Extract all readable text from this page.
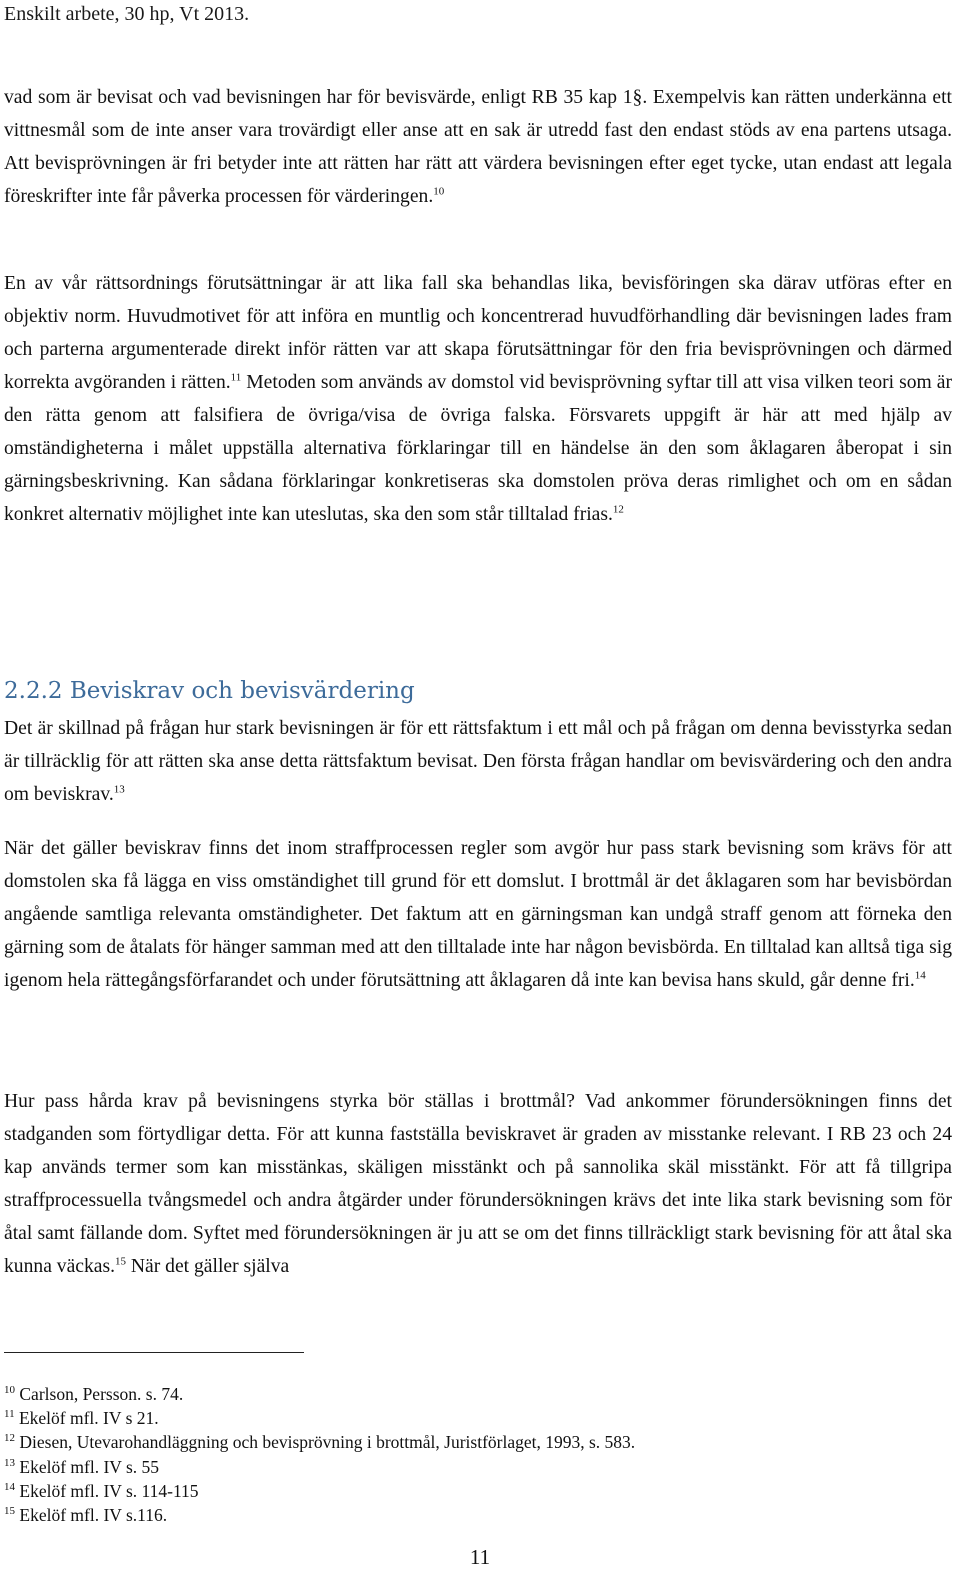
Enskilt arbete, 30 hp, Vt 2013.

vad som är bevisat och vad bevisningen har för bevisvärde, enligt RB 35 kap 1§. Exempelvis kan rätten underkänna ett vittnesmål som de inte anser vara trovärdigt eller anse att en sak är utredd fast den endast stöds av ena partens utsaga. Att bevisprövningen är fri betyder inte att rätten har rätt att värdera bevisningen efter eget tycke, utan endast att legala föreskrifter inte får påverka processen för värderingen.$^{10}$

En av vår rättsordnings förutsättningar är att lika fall ska behandlas lika, bevisföringen ska därav utföras efter en objektiv norm. Huvudmotivet för att införa en muntlig och koncentrerad huvudförhandling där bevisningen lades fram och parterna argumenterade direkt inför rätten var att skapa förutsättningar för den fria bevisprövningen och därmed korrekta avgöranden i rätten.$^{11}$ Metoden som används av domstol vid bevisprövning syftar till att visa vilken teori som är den rätta genom att falsifiera de övriga/visa de övriga falska. Försvarets uppgift är här att med hjälp av omständigheterna i målet uppställa alternativa förklaringar till en händelse än den som åklagaren åberopat i sin gärningsbeskrivning. Kan sådana förklaringar konkretiseras ska domstolen pröva deras rimlighet och om en sådan konkret alternativ möjlighet inte kan uteslutas, ska den som står tilltalad frias.$^{12}$

2.2.2 Beviskrav och bevisvärdering

Det är skillnad på frågan hur stark bevisningen är för ett rättsfaktum i ett mål och på frågan om denna bevisstyrka sedan är tillräcklig för att rätten ska anse detta rättsfaktum bevisat. Den första frågan handlar om bevisvärdering och den andra om beviskrav.$^{13}$

När det gäller beviskrav finns det inom straffprocessen regler som avgör hur pass stark bevisning som krävs för att domstolen ska få lägga en viss omständighet till grund för ett domslut. I brottmål är det åklagaren som har bevisbördan angående samtliga relevanta omständigheter. Det faktum att en gärningsman kan undgå straff genom att förneka den gärning som de åtalats för hänger samman med att den tilltalade inte har någon bevisbörda. En tilltalad kan alltså tiga sig igenom hela rättegångsförfarandet och under förutsättning att åklagaren då inte kan bevisa hans skuld, går denne fri.$^{14}$

Hur pass hårda krav på bevisningens styrka bör ställas i brottmål? Vad ankommer förundersökningen finns det stadganden som förtydligar detta. För att kunna fastställa beviskravet är graden av misstanke relevant. I RB 23 och 24 kap används termer som kan misstänkas, skäligen misstänkt och på sannolika skäl misstänkt. För att få tillgripa straffprocessuella tvångsmedel och andra åtgärder under förundersökningen krävs det inte lika stark bevisning som för åtal samt fällande dom. Syftet med förundersökningen är ju att se om det finns tillräckligt stark bevisning för att åtal ska kunna väckas.$^{15}$ När det gäller själva

$^{10}$ Carlson, Persson. s. 74.
$^{11}$ Ekelöf mfl. IV s 21.
$^{12}$ Diesen, Utevarohandläggning och bevisprövning i brottmål, Juristförlaget, 1993, s. 583.
$^{13}$ Ekelöf mfl. IV s. 55
$^{14}$ Ekelöf mfl. IV s. 114-115
$^{15}$ Ekelöf mfl. IV s.116.
11
